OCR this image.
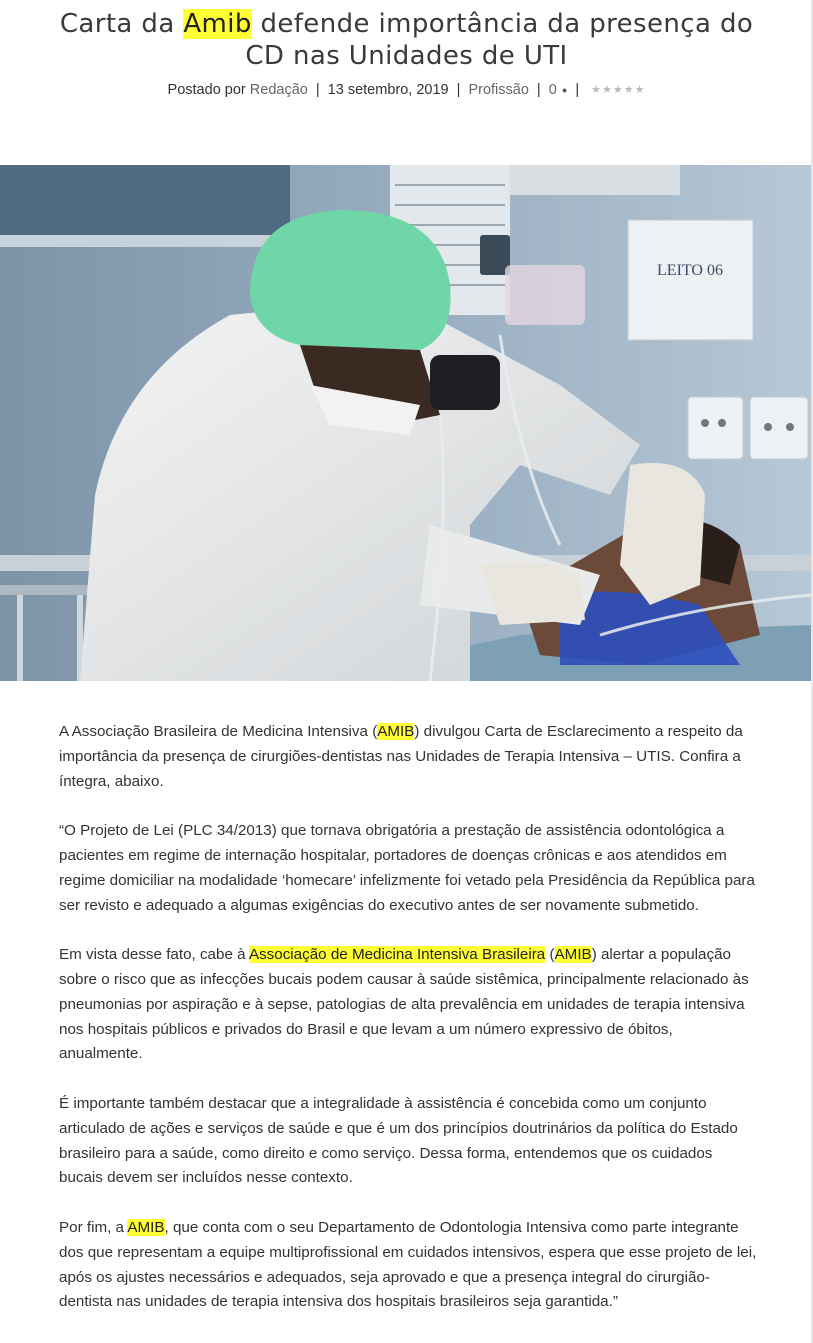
Carta da Amib defende importância da presença do CD nas Unidades de UTI
Postado por Redação | 13 setembro, 2019 | Profissão | 0 ● | ★★★★★
LEITO 06

A Associação Brasileira de Medicina Intensiva (AMIB) divulgou Carta de Esclarecimento a respeito da importância da presença de cirurgiões-dentistas nas Unidades de Terapia Intensiva – UTIS. Confira a íntegra, abaixo.

“O Projeto de Lei (PLC 34/2013) que tornava obrigatória a prestação de assistência odontológica a pacientes em regime de internação hospitalar, portadores de doenças crônicas e aos atendidos em regime domiciliar na modalidade ‘homecare’ infelizmente foi vetado pela Presidência da República para ser revisto e adequado a algumas exigências do executivo antes de ser novamente submetido.

Em vista desse fato, cabe à Associação de Medicina Intensiva Brasileira (AMIB) alertar a população sobre o risco que as infecções bucais podem causar à saúde sistêmica, principalmente relacionado às pneumonias por aspiração e à sepse, patologias de alta prevalência em unidades de terapia intensiva nos hospitais públicos e privados do Brasil e que levam a um número expressivo de óbitos, anualmente.

É importante também destacar que a integralidade à assistência é concebida como um conjunto articulado de ações e serviços de saúde e que é um dos princípios doutrinários da política do Estado brasileiro para a saúde, como direito e como serviço. Dessa forma, entendemos que os cuidados bucais devem ser incluídos nesse contexto.

Por fim, a AMIB, que conta com o seu Departamento de Odontologia Intensiva como parte integrante dos que representam a equipe multiprofissional em cuidados intensivos, espera que esse projeto de lei, após os ajustes necessários e adequados, seja aprovado e que a presença integral do cirurgião-dentista nas unidades de terapia intensiva dos hospitais brasileiros seja garantida.”
